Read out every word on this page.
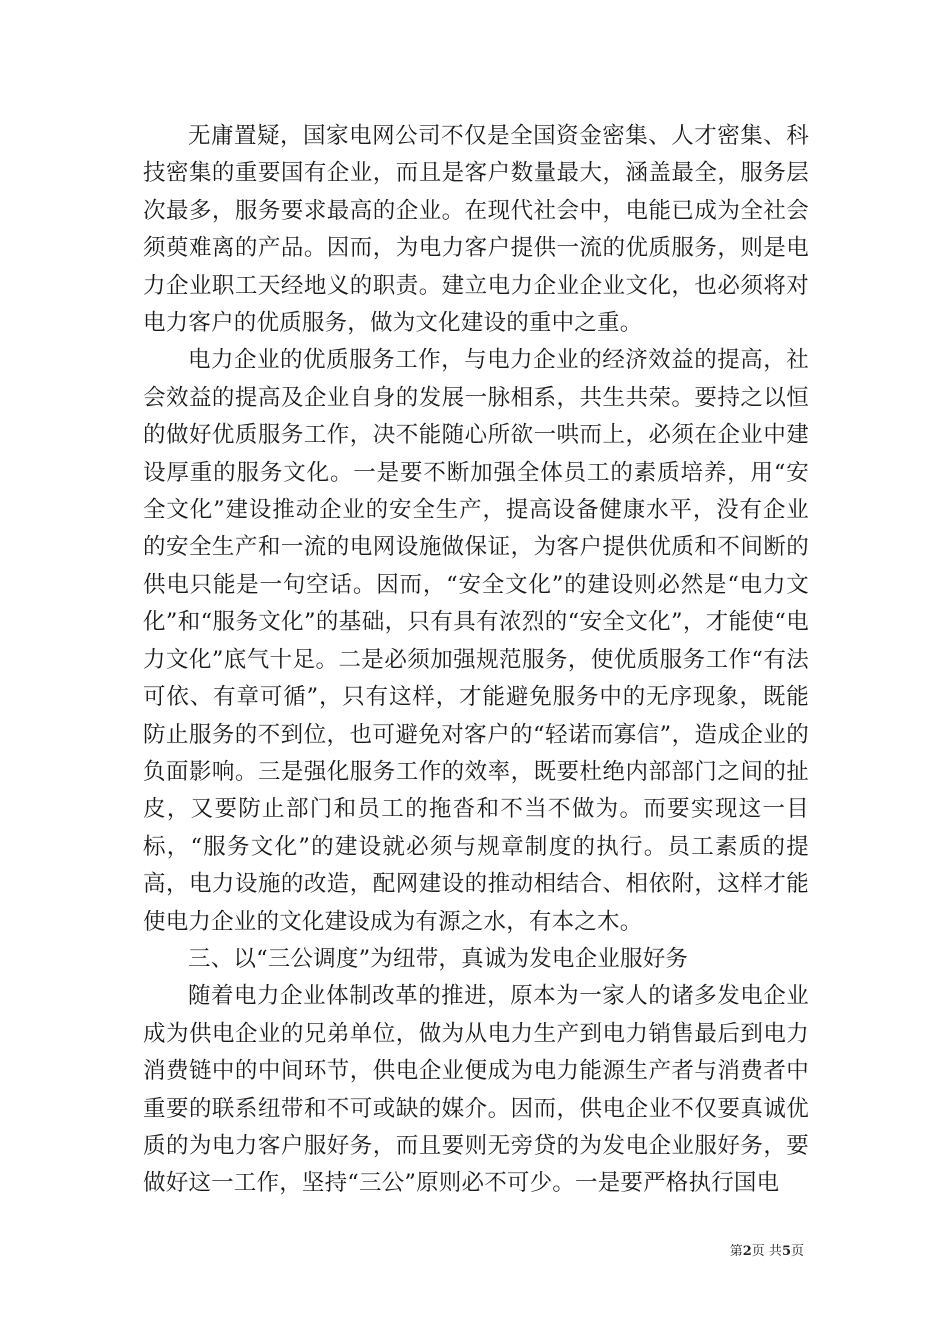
无庸置疑，国家电网公司不仅是全国资金密集、人才密集、科技密集的重要国有企业，而且是客户数量最大，涵盖最全，服务层次最多，服务要求最高的企业。在现代社会中，电能已成为全社会须萸难离的产品。因而，为电力客户提供一流的优质服务，则是电力企业职工天经地义的职责。建立电力企业企业文化，也必须将对电力客户的优质服务，做为文化建设的重中之重。

电力企业的优质服务工作，与电力企业的经济效益的提高，社会效益的提高及企业自身的发展一脉相系，共生共荣。要持之以恒的做好优质服务工作，决不能随心所欲一哄而上，必须在企业中建设厚重的服务文化。一是要不断加强全体员工的素质培养，用“安全文化”建设推动企业的安全生产，提高设备健康水平，没有企业的安全生产和一流的电网设施做保证，为客户提供优质和不间断的供电只能是一句空话。因而，“安全文化”的建设则必然是“电力文化”和“服务文化”的基础，只有具有浓烈的“安全文化”，才能使“电力文化”底气十足。二是必须加强规范服务，使优质服务工作“有法可依、有章可循”，只有这样，才能避免服务中的无序现象，既能防止服务的不到位，也可避免对客户的“轻诺而寡信”，造成企业的负面影响。三是强化服务工作的效率，既要杜绝内部部门之间的扯皮，又要防止部门和员工的拖沓和不当不做为。而要实现这一目标，“服务文化”的建设就必须与规章制度的执行。员工素质的提高，电力设施的改造，配网建设的推动相结合、相依附，这样才能使电力企业的文化建设成为有源之水，有本之木。

三、以“三公调度”为纽带，真诚为发电企业服好务

随着电力企业体制改革的推进，原本为一家人的诸多发电企业成为供电企业的兄弟单位，做为从电力生产到电力销售最后到电力消费链中的中间环节，供电企业便成为电力能源生产者与消费者中重要的联系纽带和不可或缺的媒介。因而，供电企业不仅要真诚优质的为电力客户服好务，而且要则无旁贷的为发电企业服好务，要做好这一工作，坚持“三公”原则必不可少。一是要严格执行国电

第2页 共5页
